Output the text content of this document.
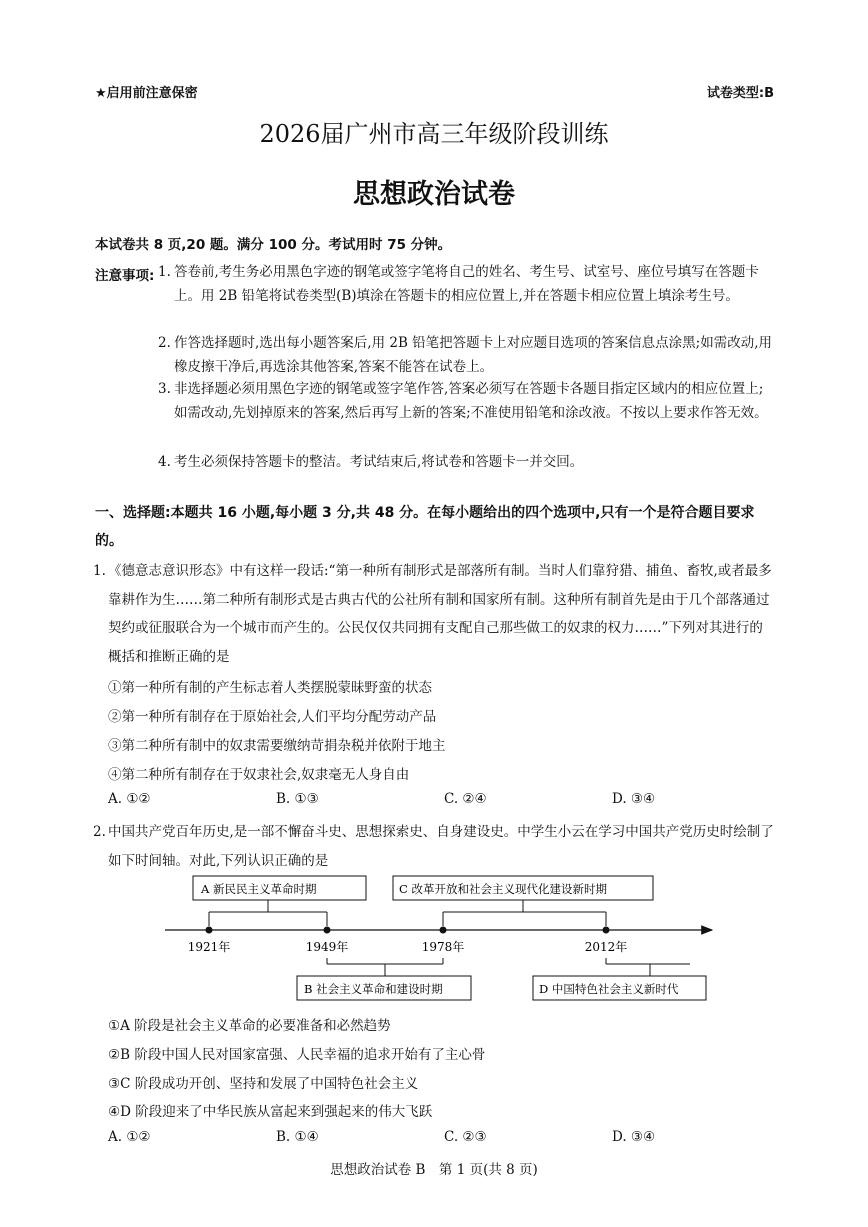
★启用前注意保密	试卷类型:B
2026届广州市高三年级阶段训练
思想政治试卷
本试卷共 8 页,20 题。满分 100 分。考试用时 75 分钟。
注意事项: 1. 答卷前,考生务必用黑色字迹的钢笔或签字笔将自己的姓名、考生号、试室号、座位号填写在答题卡上。用 2B 铅笔将试卷类型(B)填涂在答题卡的相应位置上,并在答题卡相应位置上填涂考生号。
2. 作答选择题时,选出每小题答案后,用 2B 铅笔把答题卡上对应题目选项的答案信息点涂黑;如需改动,用橡皮擦干净后,再选涂其他答案,答案不能答在试卷上。
3. 非选择题必须用黑色字迹的钢笔或签字笔作答,答案必须写在答题卡各题目指定区域内的相应位置上;如需改动,先划掉原来的答案,然后再写上新的答案;不准使用铅笔和涂改液。不按以上要求作答无效。
4. 考生必须保持答题卡的整洁。考试结束后,将试卷和答题卡一并交回。
一、选择题:本题共 16 小题,每小题 3 分,共 48 分。在每小题给出的四个选项中,只有一个是符合题目要求的。
1. 《德意志意识形态》中有这样一段话:“第一种所有制形式是部落所有制。当时人们靠狩猎、捕鱼、畜牧,或者最多靠耕作为生……第二种所有制形式是古典古代的公社所有制和国家所有制。这种所有制首先是由于几个部落通过契约或征服联合为一个城市而产生的。公民仅仅共同拥有支配自己那些做工的奴隶的权力……”下列对其进行的概括和推断正确的是
①第一种所有制的产生标志着人类摆脱蒙昧野蛮的状态
②第一种所有制存在于原始社会,人们平均分配劳动产品
③第二种所有制中的奴隶需要缴纳苛捐杂税并依附于地主
④第二种所有制存在于奴隶社会,奴隶毫无人身自由
A. ①②	B. ①③	C. ②④	D. ③④
2. 中国共产党百年历史,是一部不懈奋斗史、思想探索史、自身建设史。中学生小云在学习中国共产党历史时绘制了如下时间轴。对此,下列认识正确的是
1921年	1949年	1978年	2012年
A 新民民主义革命时期	C 改革开放和社会主义现代化建设新时期
B 社会主义革命和建设时期	D 中国特色社会主义新时代
①A 阶段是社会主义革命的必要准备和必然趋势
②B 阶段中国人民对国家富强、人民幸福的追求开始有了主心骨
③C 阶段成功开创、坚持和发展了中国特色社会主义
④D 阶段迎来了中华民族从富起来到强起来的伟大飞跃
A. ①②	B. ①④	C. ②③	D. ③④
思想政治试卷 B　第 1 页(共 8 页)
